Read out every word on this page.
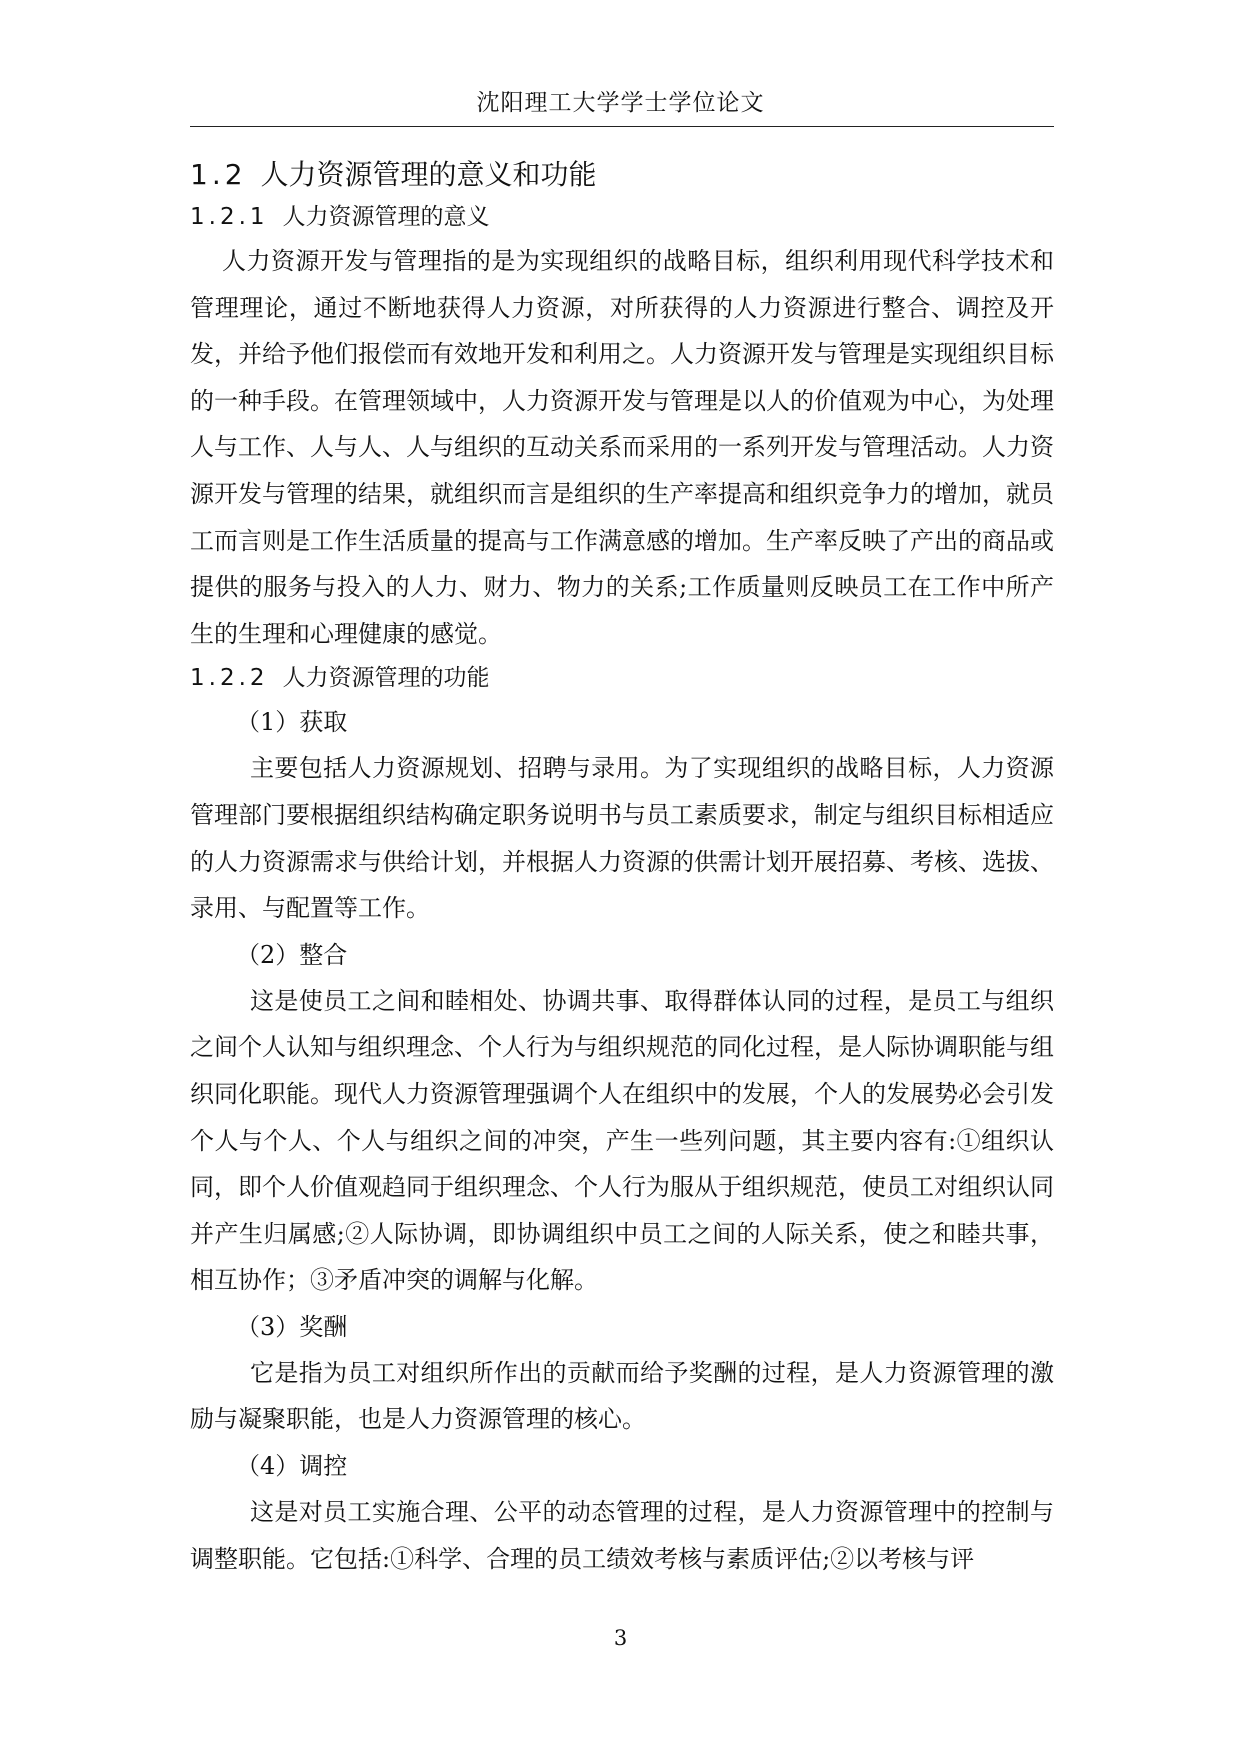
沈阳理工大学学士学位论文
1.2 人力资源管理的意义和功能
1.2.1 人力资源管理的意义

人力资源开发与管理指的是为实现组织的战略目标，组织利用现代科学技术和管理理论，通过不断地获得人力资源，对所获得的人力资源进行整合、调控及开发，并给予他们报偿而有效地开发和利用之。人力资源开发与管理是实现组织目标的一种手段。在管理领域中，人力资源开发与管理是以人的价值观为中心，为处理人与工作、人与人、人与组织的互动关系而采用的一系列开发与管理活动。人力资源开发与管理的结果，就组织而言是组织的生产率提高和组织竞争力的增加，就员工而言则是工作生活质量的提高与工作满意感的增加。生产率反映了产出的商品或提供的服务与投入的人力、财力、物力的关系;工作质量则反映员工在工作中所产生的生理和心理健康的感觉。

1.2.2 人力资源管理的功能
（1）获取

主要包括人力资源规划、招聘与录用。为了实现组织的战略目标，人力资源管理部门要根据组织结构确定职务说明书与员工素质要求，制定与组织目标相适应的人力资源需求与供给计划，并根据人力资源的供需计划开展招募、考核、选拔、录用、与配置等工作。

（2）整合

这是使员工之间和睦相处、协调共事、取得群体认同的过程，是员工与组织之间个人认知与组织理念、个人行为与组织规范的同化过程，是人际协调职能与组织同化职能。现代人力资源管理强调个人在组织中的发展，个人的发展势必会引发个人与个人、个人与组织之间的冲突，产生一些列问题，其主要内容有:①组织认同，即个人价值观趋同于组织理念、个人行为服从于组织规范，使员工对组织认同并产生归属感;②人际协调，即协调组织中员工之间的人际关系，使之和睦共事，相互协作；③矛盾冲突的调解与化解。

（3）奖酬

它是指为员工对组织所作出的贡献而给予奖酬的过程，是人力资源管理的激励与凝聚职能，也是人力资源管理的核心。

（4）调控

这是对员工实施合理、公平的动态管理的过程，是人力资源管理中的控制与调整职能。它包括:①科学、合理的员工绩效考核与素质评估;②以考核与评

3
